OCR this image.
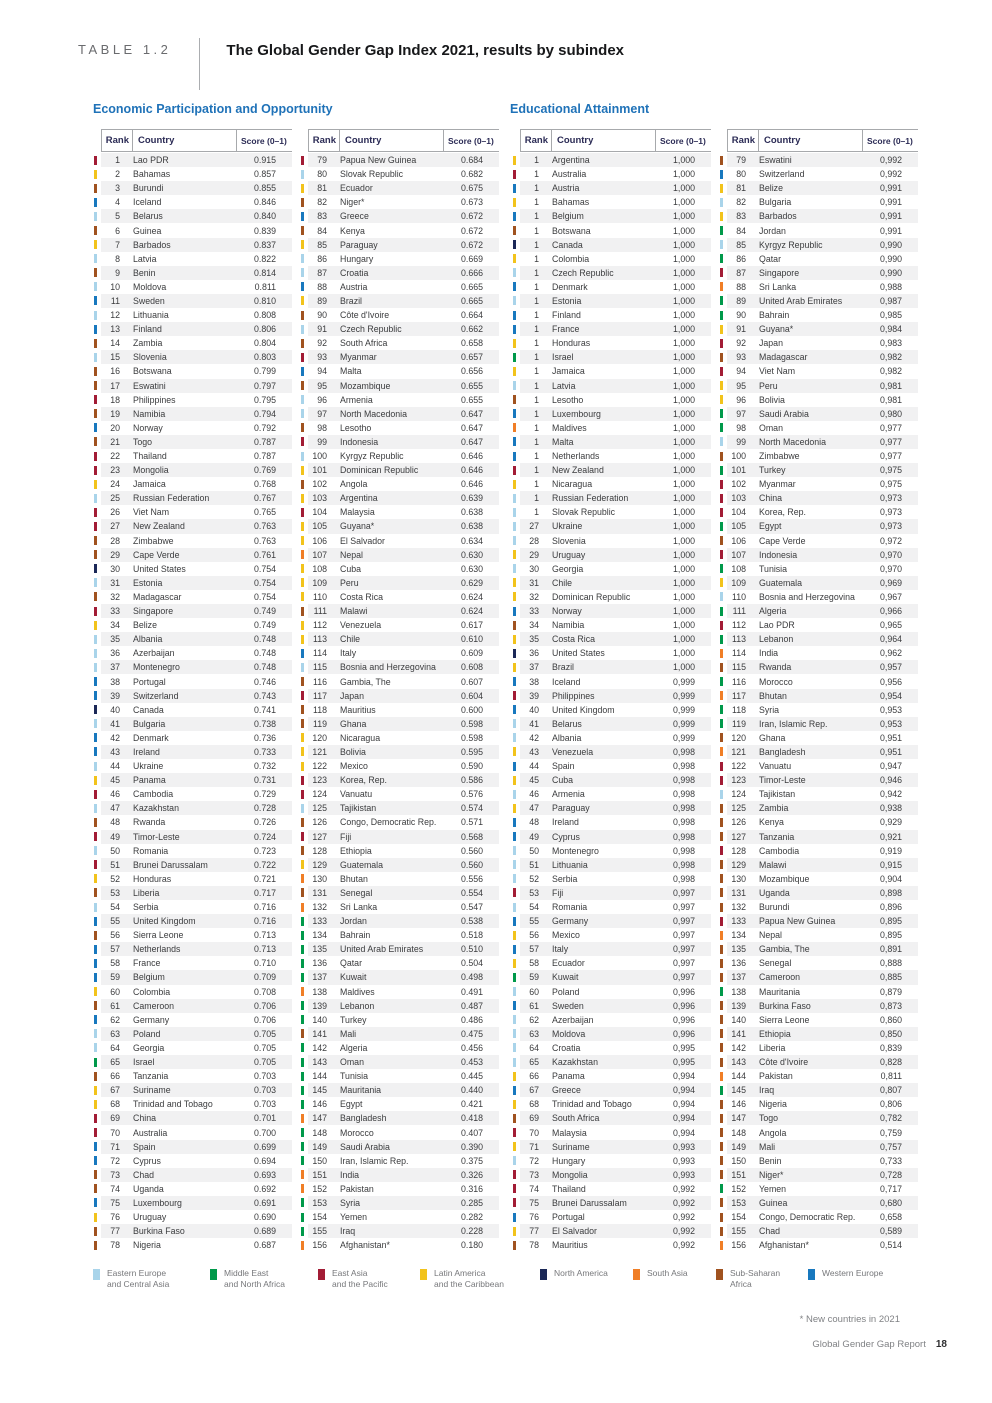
TABLE 1.2	The Global Gender Gap Index 2021, results by subindex
Economic Participation and Opportunity	Educational Attainment
Rank Country	Score (0–1)
1	Lao PDR	0.915
2	Bahamas	0.857
3	Burundi	0.855
4	Iceland	0.846
5	Belarus	0.840
6	Guinea	0.839
7	Barbados	0.837
8	Latvia	0.822
9	Benin	0.814
10	Moldova	0.811
11	Sweden	0.810
12	Lithuania	0.808
13	Finland	0.806
14	Zambia	0.804
15	Slovenia	0.803
16	Botswana	0.799
17	Eswatini	0.797
18	Philippines	0.795
19	Namibia	0.794
20	Norway	0.792
21	Togo	0.787
22	Thailand	0.787
23	Mongolia	0.769
24	Jamaica	0.768
25	Russian Federation	0.767
26	Viet Nam	0.765
27	New Zealand	0.763
28	Zimbabwe	0.763
29	Cape Verde	0.761
30	United States	0.754
31	Estonia	0.754
32	Madagascar	0.754
33	Singapore	0.749
34	Belize	0.749
35	Albania	0.748
36	Azerbaijan	0.748
37	Montenegro	0.748
38	Portugal	0.746
39	Switzerland	0.743
40	Canada	0.741
41	Bulgaria	0.738
42	Denmark	0.736
43	Ireland	0.733
44	Ukraine	0.732
45	Panama	0.731
46	Cambodia	0.729
47	Kazakhstan	0.728
48	Rwanda	0.726
49	Timor-Leste	0.724
50	Romania	0.723
51	Brunei Darussalam	0.722
52	Honduras	0.721
53	Liberia	0.717
54	Serbia	0.716
55	United Kingdom	0.716
56	Sierra Leone	0.713
57	Netherlands	0.713
58	France	0.710
59	Belgium	0.709
60	Colombia	0.708
61	Cameroon	0.706
62	Germany	0.706
63	Poland	0.705
64	Georgia	0.705
65	Israel	0.705
66	Tanzania	0.703
67	Suriname	0.703
68	Trinidad and Tobago	0.703
69	China	0.701
70	Australia	0.700
71	Spain	0.699
72	Cyprus	0.694
73	Chad	0.693
74	Uganda	0.692
75	Luxembourg	0.691
76	Uruguay	0.690
77	Burkina Faso	0.689
78	Nigeria	0.687
Rank Country	Score (0–1)
79	Papua New Guinea	0.684
80	Slovak Republic	0.682
81	Ecuador	0.675
82	Niger*	0.673
83	Greece	0.672
84	Kenya	0.672
85	Paraguay	0.672
86	Hungary	0.669
87	Croatia	0.666
88	Austria	0.665
89	Brazil	0.665
90	Côte d'Ivoire	0.664
91	Czech Republic	0.662
92	South Africa	0.658
93	Myanmar	0.657
94	Malta	0.656
95	Mozambique	0.655
96	Armenia	0.655
97	North Macedonia	0.647
98	Lesotho	0.647
99	Indonesia	0.647
100	Kyrgyz Republic	0.646
101	Dominican Republic	0.646
102	Angola	0.646
103	Argentina	0.639
104	Malaysia	0.638
105	Guyana*	0.638
106	El Salvador	0.634
107	Nepal	0.630
108	Cuba	0.630
109	Peru	0.629
110	Costa Rica	0.624
111	Malawi	0.624
112	Venezuela	0.617
113	Chile	0.610
114	Italy	0.609
115	Bosnia and Herzegovina	0.608
116	Gambia, The	0.607
117	Japan	0.604
118	Mauritius	0.600
119	Ghana	0.598
120	Nicaragua	0.598
121	Bolivia	0.595
122	Mexico	0.590
123	Korea, Rep.	0.586
124	Vanuatu	0.576
125	Tajikistan	0.574
126	Congo, Democratic Rep.	0.571
127	Fiji	0.568
128	Ethiopia	0.560
129	Guatemala	0.560
130	Bhutan	0.556
131	Senegal	0.554
132	Sri Lanka	0.547
133	Jordan	0.538
134	Bahrain	0.518
135	United Arab Emirates	0.510
136	Qatar	0.504
137	Kuwait	0.498
138	Maldives	0.491
139	Lebanon	0.487
140	Turkey	0.486
141	Mali	0.475
142	Algeria	0.456
143	Oman	0.453
144	Tunisia	0.445
145	Mauritania	0.440
146	Egypt	0.421
147	Bangladesh	0.418
148	Morocco	0.407
149	Saudi Arabia	0.390
150	Iran, Islamic Rep.	0.375
151	India	0.326
152	Pakistan	0.316
153	Syria	0.285
154	Yemen	0.282
155	Iraq	0.228
156	Afghanistan*	0.180
Rank Country	Score (0–1)
1	Argentina	1,000
1	Australia	1,000
1	Austria	1,000
1	Bahamas	1,000
1	Belgium	1,000
1	Botswana	1,000
1	Canada	1,000
1	Colombia	1,000
1	Czech Republic	1,000
1	Denmark	1,000
1	Estonia	1,000
1	Finland	1,000
1	France	1,000
1	Honduras	1,000
1	Israel	1,000
1	Jamaica	1,000
1	Latvia	1,000
1	Lesotho	1,000
1	Luxembourg	1,000
1	Maldives	1,000
1	Malta	1,000
1	Netherlands	1,000
1	New Zealand	1,000
1	Nicaragua	1,000
1	Russian Federation	1,000
1	Slovak Republic	1,000
27	Ukraine	1,000
28	Slovenia	1,000
29	Uruguay	1,000
30	Georgia	1,000
31	Chile	1,000
32	Dominican Republic	1,000
33	Norway	1,000
34	Namibia	1,000
35	Costa Rica	1,000
36	United States	1,000
37	Brazil	1,000
38	Iceland	0,999
39	Philippines	0,999
40	United Kingdom	0,999
41	Belarus	0,999
42	Albania	0,999
43	Venezuela	0,998
44	Spain	0,998
45	Cuba	0,998
46	Armenia	0,998
47	Paraguay	0,998
48	Ireland	0,998
49	Cyprus	0,998
50	Montenegro	0,998
51	Lithuania	0,998
52	Serbia	0,998
53	Fiji	0,997
54	Romania	0,997
55	Germany	0,997
56	Mexico	0,997
57	Italy	0,997
58	Ecuador	0,997
59	Kuwait	0,997
60	Poland	0,996
61	Sweden	0,996
62	Azerbaijan	0,996
63	Moldova	0,996
64	Croatia	0,995
65	Kazakhstan	0,995
66	Panama	0,994
67	Greece	0,994
68	Trinidad and Tobago	0,994
69	South Africa	0,994
70	Malaysia	0,994
71	Suriname	0,993
72	Hungary	0,993
73	Mongolia	0,993
74	Thailand	0,992
75	Brunei Darussalam	0,992
76	Portugal	0,992
77	El Salvador	0,992
78	Mauritius	0,992
Rank Country	Score (0–1)
79	Eswatini	0,992
80	Switzerland	0,992
81	Belize	0,991
82	Bulgaria	0,991
83	Barbados	0,991
84	Jordan	0,991
85	Kyrgyz Republic	0,990
86	Qatar	0,990
87	Singapore	0,990
88	Sri Lanka	0,988
89	United Arab Emirates	0,987
90	Bahrain	0,985
91	Guyana*	0,984
92	Japan	0,983
93	Madagascar	0,982
94	Viet Nam	0,982
95	Peru	0,981
96	Bolivia	0,981
97	Saudi Arabia	0,980
98	Oman	0,977
99	North Macedonia	0,977
100	Zimbabwe	0,977
101	Turkey	0,975
102	Myanmar	0,975
103	China	0,973
104	Korea, Rep.	0,973
105	Egypt	0,973
106	Cape Verde	0,972
107	Indonesia	0,970
108	Tunisia	0,970
109	Guatemala	0,969
110	Bosnia and Herzegovina	0,967
111	Algeria	0,966
112	Lao PDR	0,965
113	Lebanon	0,964
114	India	0,962
115	Rwanda	0,957
116	Morocco	0,956
117	Bhutan	0,954
118	Syria	0,953
119	Iran, Islamic Rep.	0,953
120	Ghana	0,951
121	Bangladesh	0,951
122	Vanuatu	0,947
123	Timor-Leste	0,946
124	Tajikistan	0,942
125	Zambia	0,938
126	Kenya	0,929
127	Tanzania	0,921
128	Cambodia	0,919
129	Malawi	0,915
130	Mozambique	0,904
131	Uganda	0,898
132	Burundi	0,896
133	Papua New Guinea	0,895
134	Nepal	0,895
135	Gambia, The	0,891
136	Senegal	0,888
137	Cameroon	0,885
138	Mauritania	0,879
139	Burkina Faso	0,873
140	Sierra Leone	0,860
141	Ethiopia	0,850
142	Liberia	0,839
143	Côte d'Ivoire	0,828
144	Pakistan	0,811
145	Iraq	0,807
146	Nigeria	0,806
147	Togo	0,782
148	Angola	0,759
149	Mali	0,757
150	Benin	0,733
151	Niger*	0,728
152	Yemen	0,717
153	Guinea	0,680
154	Congo, Democratic Rep.	0,658
155	Chad	0,589
156	Afghanistan*	0,514
Eastern Europe
and Central Asia
Middle East
and North Africa
East Asia
and the Pacific
Latin America
and the Caribbean
North America	South Asia	Sub-Saharan
Africa
Western Europe
* New countries in 2021
Global Gender Gap Report 18
